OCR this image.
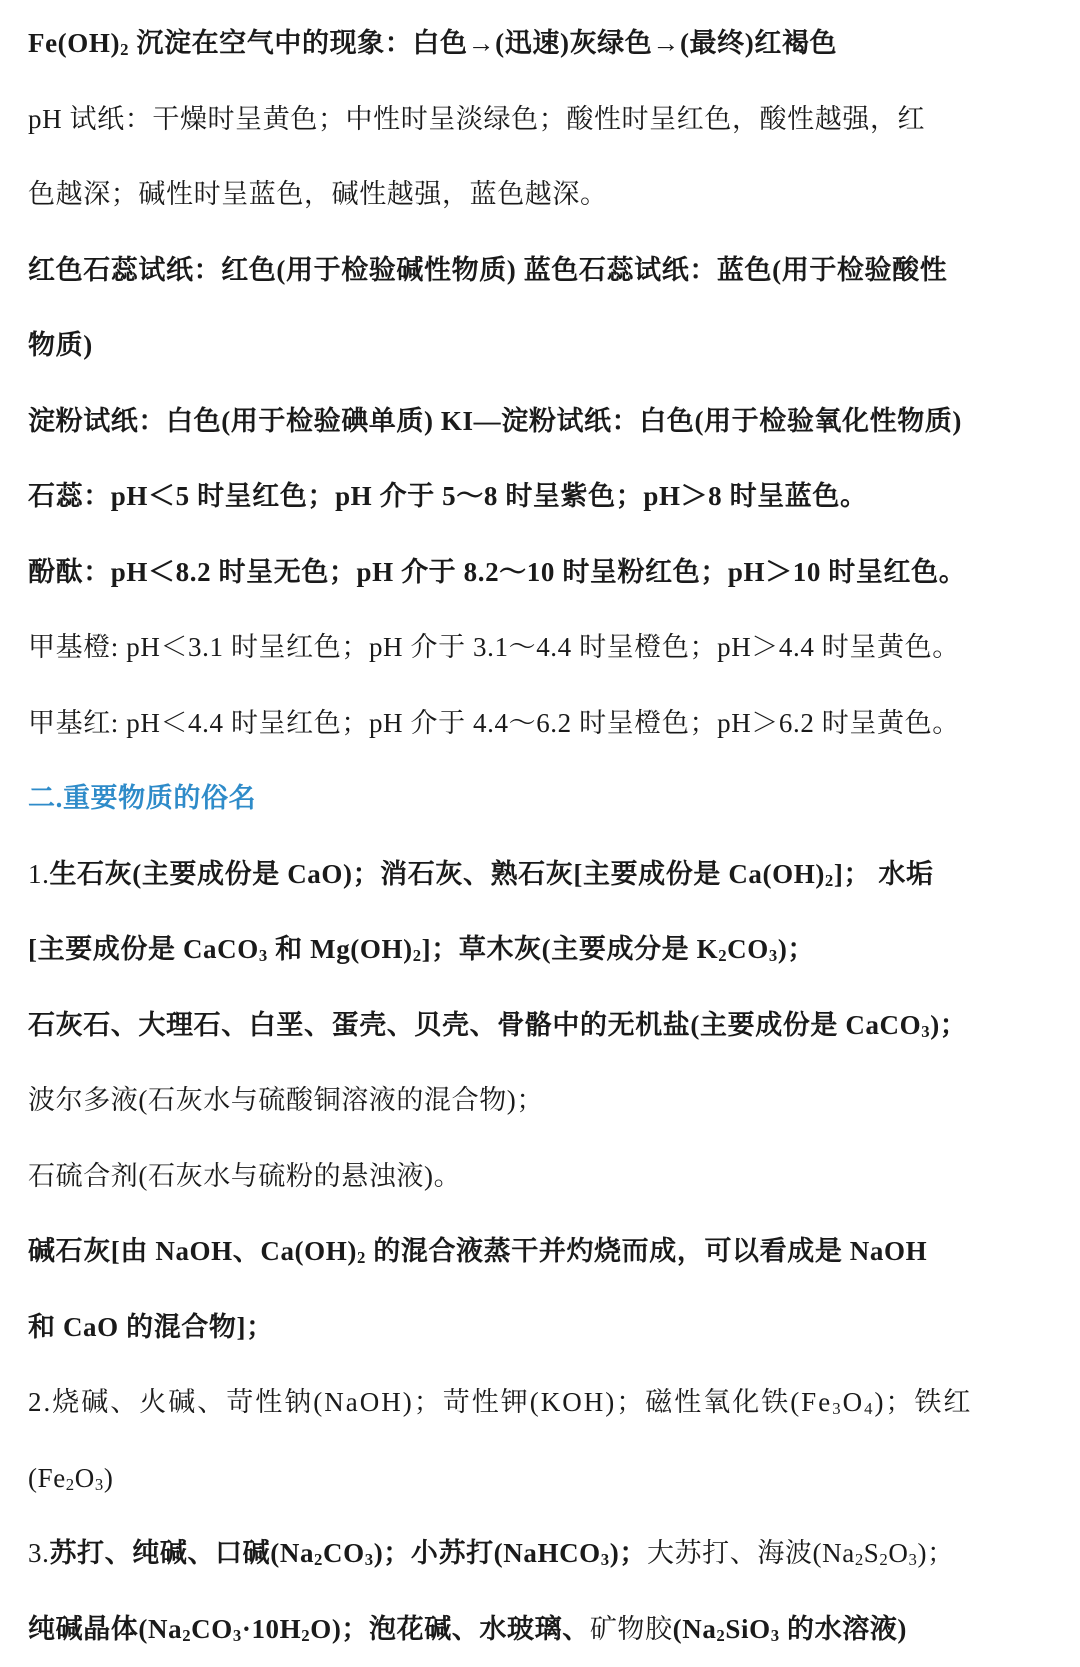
Fe(OH)2 沉淀在空气中的现象：白色→(迅速)灰绿色→(最终)红褐色
pH 试纸：干燥时呈黄色；中性时呈淡绿色；酸性时呈红色，酸性越强，红
色越深；碱性时呈蓝色，碱性越强，蓝色越深。
红色石蕊试纸：红色(用于检验碱性物质) 蓝色石蕊试纸：蓝色(用于检验酸性
物质)
淀粉试纸：白色(用于检验碘单质) KI—淀粉试纸：白色(用于检验氧化性物质)
石蕊：pH＜5 时呈红色；pH 介于 5～8 时呈紫色；pH＞8 时呈蓝色。
酚酞：pH＜8.2 时呈无色；pH 介于 8.2～10 时呈粉红色；pH＞10 时呈红色。
甲基橙: pH＜3.1 时呈红色；pH 介于 3.1～4.4 时呈橙色；pH＞4.4 时呈黄色。
甲基红: pH＜4.4 时呈红色；pH 介于 4.4～6.2 时呈橙色；pH＞6.2 时呈黄色。
二.重要物质的俗名
1.生石灰(主要成份是 CaO)；消石灰、熟石灰[主要成份是 Ca(OH)2]； 水垢
[主要成份是 CaCO3 和 Mg(OH)2]；草木灰(主要成分是 K2CO3)；
石灰石、大理石、白垩、蛋壳、贝壳、骨骼中的无机盐(主要成份是 CaCO3)；
波尔多液(石灰水与硫酸铜溶液的混合物)；
石硫合剂(石灰水与硫粉的悬浊液)。
碱石灰[由 NaOH、Ca(OH)2 的混合液蒸干并灼烧而成，可以看成是 NaOH
和 CaO 的混合物]；
2.烧碱、火碱、苛性钠(NaOH)；苛性钾(KOH)；磁性氧化铁(Fe3O4)；铁红
(Fe2O3)
3.苏打、纯碱、口碱(Na2CO3)；小苏打(NaHCO3)；大苏打、海波(Na2S2O3)；
纯碱晶体(Na2CO3·10H2O)；泡花碱、水玻璃、矿物胶(Na2SiO3 的水溶液)
